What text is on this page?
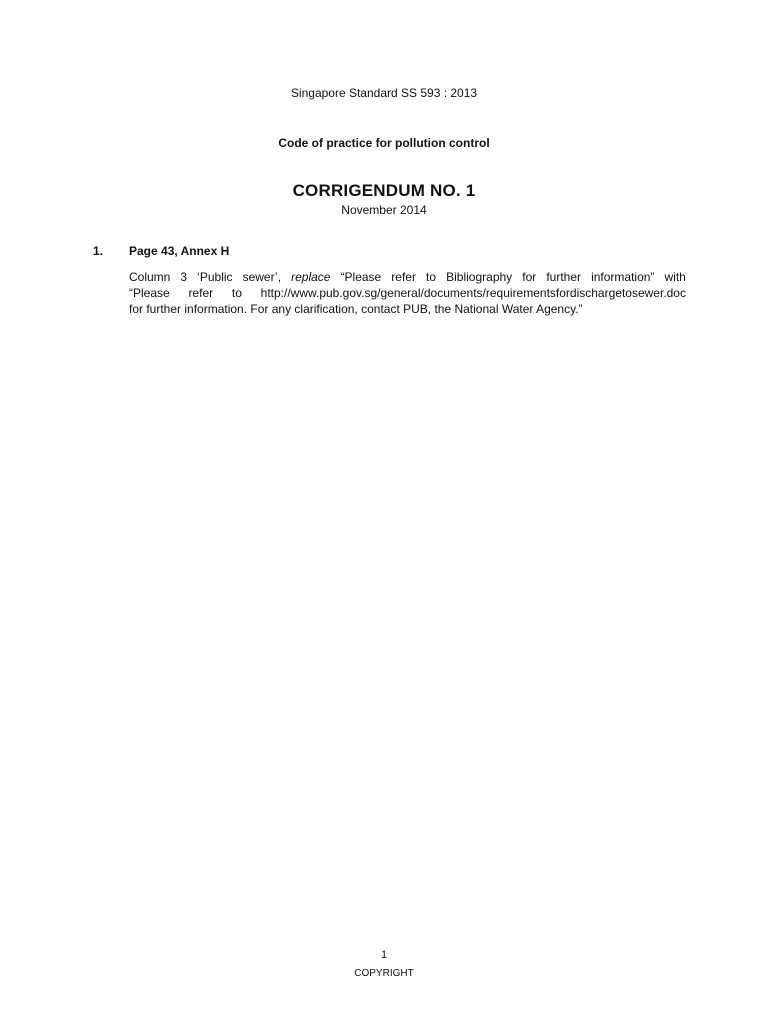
Singapore Standard SS 593 : 2013
Code of practice for pollution control
CORRIGENDUM NO. 1
November 2014
1. Page 43, Annex H
Column 3 ‘Public sewer’, replace “Please refer to Bibliography for further information” with
“Please refer to http://www.pub.gov.sg/general/documents/requirementsfordischargetosewer.doc
for further information. For any clarification, contact PUB, the National Water Agency.”
1
COPYRIGHT
